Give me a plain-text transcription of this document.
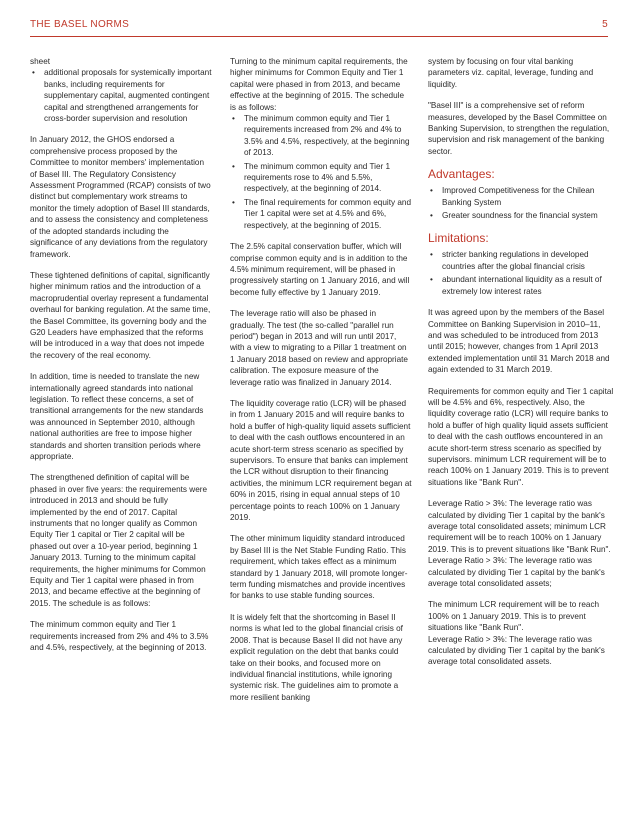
THE BASEL NORMS	5

sheet

• additional proposals for systemically important banks, including requirements for supplementary capital, augmented contingent capital and strengthened arrangements for cross-border supervision and resolution

In January 2012, the GHOS endorsed a comprehensive process proposed by the Committee to monitor members' implementation of Basel III. The Regulatory Consistency Assessment Programmed (RCAP) consists of two distinct but complementary work streams to monitor the timely adoption of Basel III standards, and to assess the consistency and completeness of the adopted standards including the significance of any deviations from the regulatory framework.

These tightened definitions of capital, significantly higher minimum ratios and the introduction of a macroprudential overlay represent a fundamental overhaul for banking regulation. At the same time, the Basel Committee, its governing body and the G20 Leaders have emphasized that the reforms will be introduced in a way that does not impede the recovery of the real economy.

In addition, time is needed to translate the new internationally agreed standards into national legislation. To reflect these concerns, a set of transitional arrangements for the new standards was announced in September 2010, although national authorities are free to impose higher standards and shorten transition periods where appropriate.

The strengthened definition of capital will be phased in over five years: the requirements were introduced in 2013 and should be fully implemented by the end of 2017. Capital instruments that no longer qualify as Common Equity Tier 1 capital or Tier 2 capital will be phased out over a 10-year period, beginning 1 January 2013. Turning to the minimum capital requirements, the higher minimums for Common Equity and Tier 1 capital were phased in from 2013, and became effective at the beginning of 2015. The schedule is as follows:

The minimum common equity and Tier 1 requirements increased from 2% and 4% to 3.5% and 4.5%, respectively, at the beginning of 2013.

Turning to the minimum capital requirements, the higher minimums for Common Equity and Tier 1 capital were phased in from 2013, and became effective at the beginning of 2015. The schedule is as follows:

• The minimum common equity and Tier 1 requirements increased from 2% and 4% to 3.5% and 4.5%, respectively, at the beginning of 2013.
• The minimum common equity and Tier 1 requirements rose to 4% and 5.5%, respectively, at the beginning of 2014.
• The final requirements for common equity and Tier 1 capital were set at 4.5% and 6%, respectively, at the beginning of 2015.

The 2.5% capital conservation buffer, which will comprise common equity and is in addition to the 4.5% minimum requirement, will be phased in progressively starting on 1 January 2016, and will become fully effective by 1 January 2019.

The leverage ratio will also be phased in gradually. The test (the so-called "parallel run period") began in 2013 and will run until 2017, with a view to migrating to a Pillar 1 treatment on 1 January 2018 based on review and appropriate calibration. The exposure measure of the leverage ratio was finalized in January 2014.

The liquidity coverage ratio (LCR) will be phased in from 1 January 2015 and will require banks to hold a buffer of high-quality liquid assets sufficient to deal with the cash outflows encountered in an acute short-term stress scenario as specified by supervisors. To ensure that banks can implement the LCR without disruption to their financing activities, the minimum LCR requirement began at 60% in 2015, rising in equal annual steps of 10 percentage points to reach 100% on 1 January 2019.

The other minimum liquidity standard introduced by Basel III is the Net Stable Funding Ratio. This requirement, which takes effect as a minimum standard by 1 January 2018, will promote longer-term funding mismatches and provide incentives for banks to use stable funding sources.

It is widely felt that the shortcoming in Basel II norms is what led to the global financial crisis of 2008. That is because Basel II did not have any explicit regulation on the debt that banks could take on their books, and focused more on individual financial institutions, while ignoring systemic risk. The guidelines aim to promote a more resilient banking

system by focusing on four vital banking parameters viz. capital, leverage, funding and liquidity.

"Basel III" is a comprehensive set of reform measures, developed by the Basel Committee on Banking Supervision, to strengthen the regulation, supervision and risk management of the banking sector.

Advantages:
• Improved Competitiveness for the Chilean Banking System
• Greater soundness for the financial system
Limitations:
• stricter banking regulations in developed countries after the global financial crisis
• abundant international liquidity as a result of extremely low interest rates

It was agreed upon by the members of the Basel Committee on Banking Supervision in 2010–11, and was scheduled to be introduced from 2013 until 2015; however, changes from 1 April 2013 extended implementation until 31 March 2018 and again extended to 31 March 2019.

Requirements for common equity and Tier 1 capital will be 4.5% and 6%, respectively. Also, the liquidity coverage ratio (LCR) will require banks to hold a buffer of high quality liquid assets sufficient to deal with the cash outflows encountered in an acute short-term stress scenario as specified by supervisors. minimum LCR requirement will be to reach 100% on 1 January 2019. This is to prevent situations like "Bank Run".

Leverage Ratio > 3%: The leverage ratio was calculated by dividing Tier 1 capital by the bank's average total consolidated assets; minimum LCR requirement will be to reach 100% on 1 January 2019. This is to prevent situations like "Bank Run".

Leverage Ratio > 3%: The leverage ratio was calculated by dividing Tier 1 capital by the bank's average total consolidated assets;

The minimum LCR requirement will be to reach 100% on 1 January 2019. This is to prevent situations like "Bank Run".

Leverage Ratio > 3%: The leverage ratio was calculated by dividing Tier 1 capital by the bank's average total consolidated assets.
